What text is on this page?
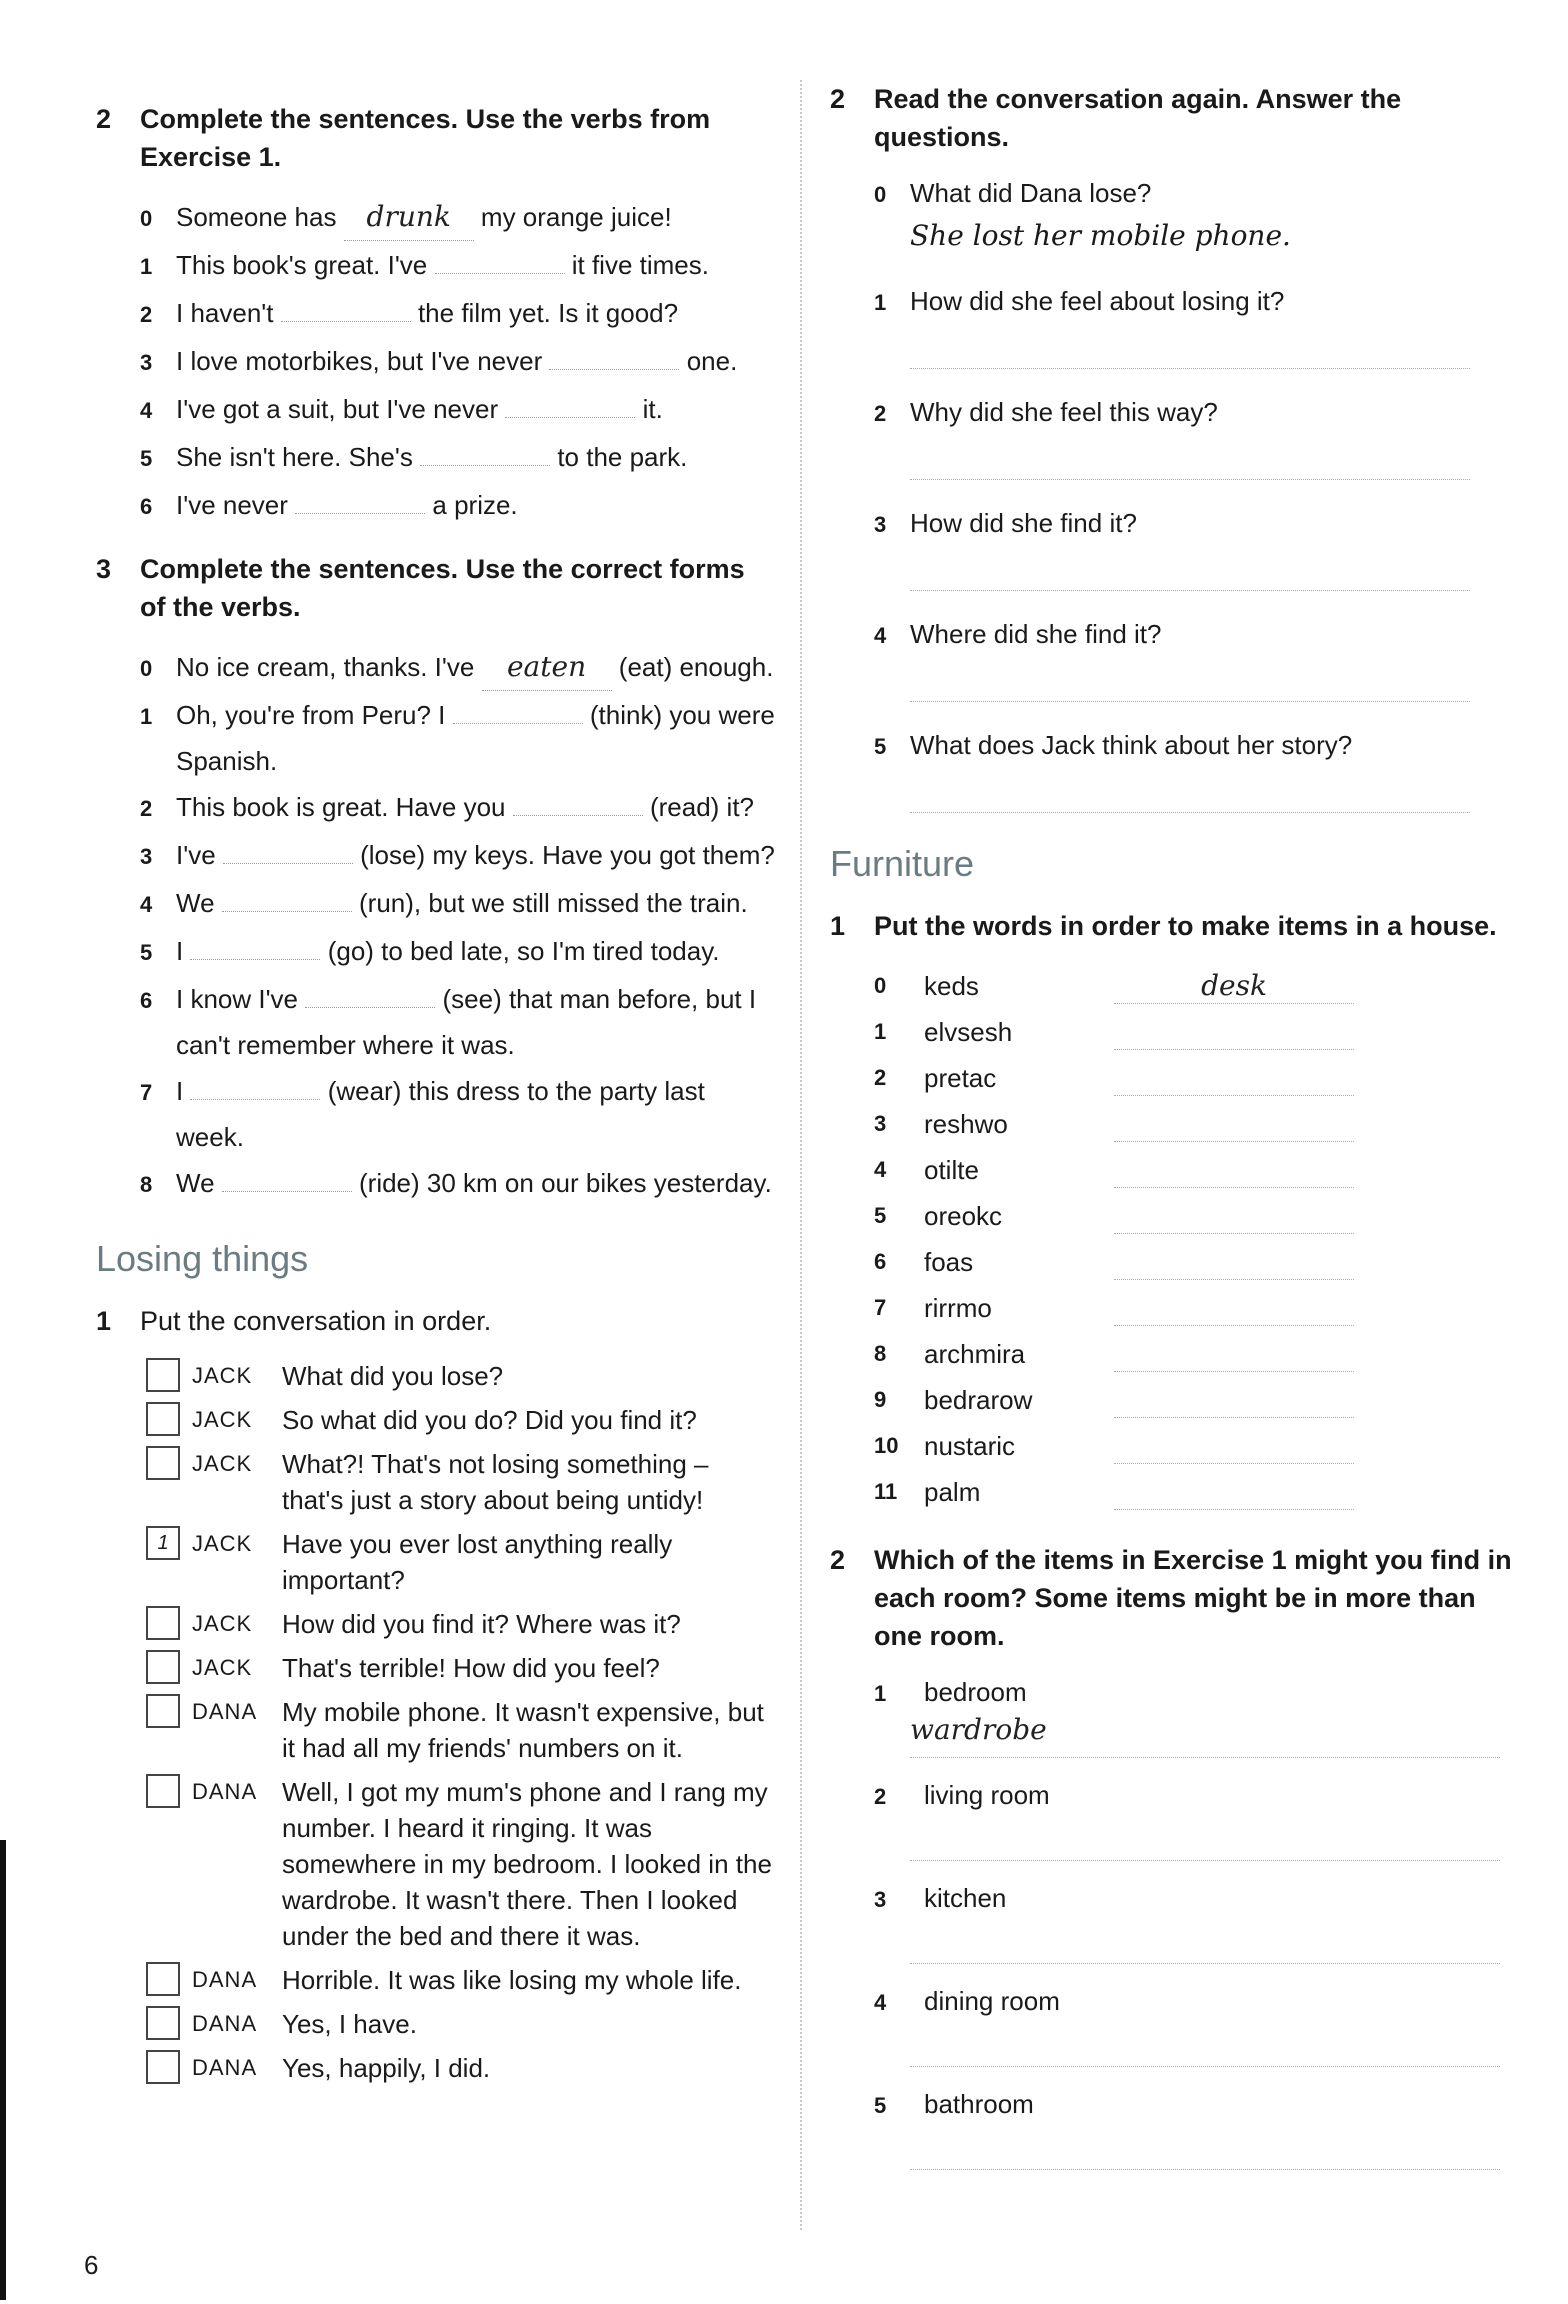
2	Complete the sentences. Use the verbs from Exercise 1.
0 Someone has drunk my orange juice!
1 This book's great. I've	it five times.
2 I haven't	the film yet. Is it good?
3 I love motorbikes, but I've never	one.
4 I've got a suit, but I've never	it.
5 She isn't here. She's	to the park.
6 I've never	a prize.
3	Complete the sentences. Use the correct forms of the verbs.
0 No ice cream, thanks. I've eaten (eat) enough.
1 Oh, you're from Peru? I	(think) you were Spanish.
2 This book is great. Have you	(read) it?
3 I've	(lose) my keys. Have you got them?
4 We	(run), but we still missed the train.
5 I	(go) to bed late, so I'm tired today.
6 I know I've	(see) that man before, but I can't remember where it was.
7 I	(wear) this dress to the party last week.
8 We	(ride) 30 km on our bikes yesterday.
Losing things
1	Put the conversation in order.
JACK	What did you lose?
JACK	So what did you do? Did you find it?
JACK	What?! That's not losing something – that's just a story about being untidy!
1	JACK	Have you ever lost anything really important?
JACK	How did you find it? Where was it?
JACK	That's terrible! How did you feel?
DANA My mobile phone. It wasn't expensive, but it had all my friends' numbers on it.
DANA Well, I got my mum's phone and I rang my number. I heard it ringing. It was somewhere in my bedroom. I looked in the wardrobe. It wasn't there. Then I looked under the bed and there it was.
DANA Horrible. It was like losing my whole life.
DANA Yes, I have.
DANA Yes, happily, I did.
2	Read the conversation again. Answer the questions.
0 What did Dana lose?
She lost her mobile phone.
1 How did she feel about losing it?
2 Why did she feel this way?
3 How did she find it?
4 Where did she find it?
5 What does Jack think about her story?
Furniture
1	Put the words in order to make items in a house.
0	keds	desk
1	elvsesh
2	pretac
3	reshwo
4	otilte
5	oreokc
6	foas
7	rirrmo
8	archmira
9	bedrarow
10 nustaric
11	palm
2	Which of the items in Exercise 1 might you find in each room? Some items might be in more than one room.
1 bedroom
wardrobe
2 living room
3 kitchen
4 dining room
5 bathroom
6
